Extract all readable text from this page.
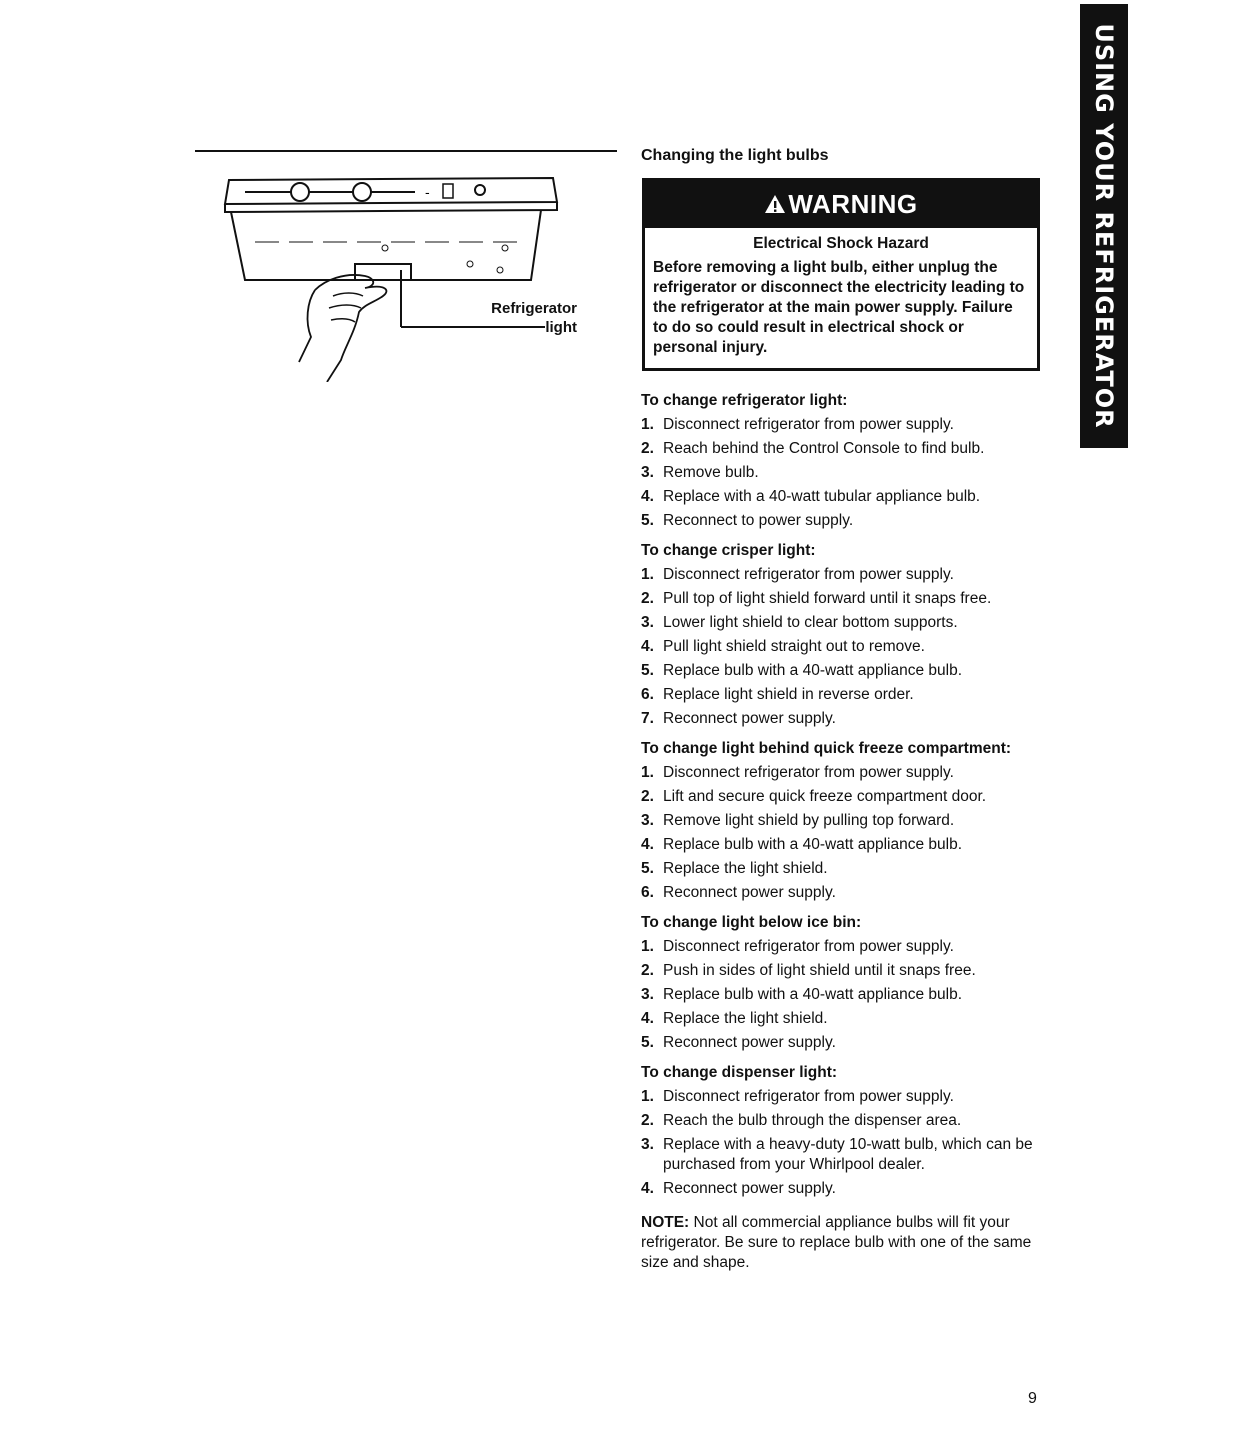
-
Refrigerator
light
Changing the light bulbs
WARNING
Electrical Shock Hazard
Before removing a light bulb, either unplug the refrigerator or disconnect the electricity leading to the refrigerator at the main power supply. Failure to do so could result in electrical shock or personal injury.
To change refrigerator light:
1. Disconnect refrigerator from power supply.
2. Reach behind the Control Console to find bulb.
3. Remove bulb.
4. Replace with a 40-watt tubular appliance bulb.
5. Reconnect to power supply.
To change crisper light:
1. Disconnect refrigerator from power supply.
2. Pull top of light shield forward until it snaps free.
3. Lower light shield to clear bottom supports.
4. Pull light shield straight out to remove.
5. Replace bulb with a 40-watt appliance bulb.
6. Replace light shield in reverse order.
7. Reconnect power supply.
To change light behind quick freeze compartment:
1. Disconnect refrigerator from power supply.
2. Lift and secure quick freeze compartment door.
3. Remove light shield by pulling top forward.
4. Replace bulb with a 40-watt appliance bulb.
5. Replace the light shield.
6. Reconnect power supply.
To change light below ice bin:
1. Disconnect refrigerator from power supply.
2. Push in sides of light shield until it snaps free.
3. Replace bulb with a 40-watt appliance bulb.
4. Replace the light shield.
5. Reconnect power supply.
To change dispenser light:
1. Disconnect refrigerator from power supply.
2. Reach the bulb through the dispenser area.
3. Replace with a heavy-duty 10-watt bulb, which can be purchased from your Whirlpool dealer.
4. Reconnect power supply.
NOTE: Not all commercial appliance bulbs will fit your refrigerator. Be sure to replace bulb with one of the same size and shape.
USING YOUR REFRIGERATOR
9
